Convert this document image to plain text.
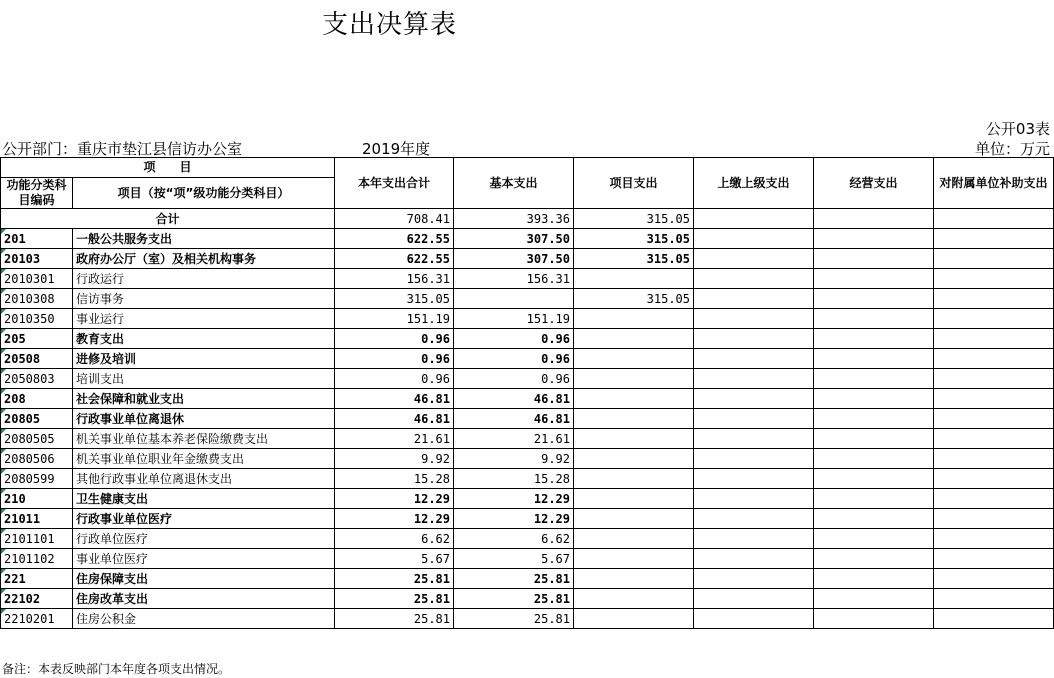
支出决算表
公开03表
公开部门：重庆市垫江县信访办公室	2019年度	单位：万元
项　　目		本年支出合计	基本支出	项目支出	上缴上级支出	经营支出	对附属单位补助支出
功能分类科目编码	项目（按“项”级功能分类科目）						
合计		708.41	393.36	315.05			
201	一般公共服务支出	622.55	307.50	315.05			
20103	政府办公厅（室）及相关机构事务	622.55	307.50	315.05			
2010301	行政运行	156.31	156.31				
2010308	信访事务	315.05		315.05			
2010350	事业运行	151.19	151.19				
205	教育支出	0.96	0.96				
20508	进修及培训	0.96	0.96				
2050803	培训支出	0.96	0.96				
208	社会保障和就业支出	46.81	46.81				
20805	行政事业单位离退休	46.81	46.81				
2080505	机关事业单位基本养老保险缴费支出	21.61	21.61				
2080506	机关事业单位职业年金缴费支出	9.92	9.92				
2080599	其他行政事业单位离退休支出	15.28	15.28				
210	卫生健康支出	12.29	12.29				
21011	行政事业单位医疗	12.29	12.29				
2101101	行政单位医疗	6.62	6.62				
2101102	事业单位医疗	5.67	5.67				
221	住房保障支出	25.81	25.81				
22102	住房改革支出	25.81	25.81				
2210201	住房公积金	25.81	25.81				
备注：本表反映部门本年度各项支出情况。
